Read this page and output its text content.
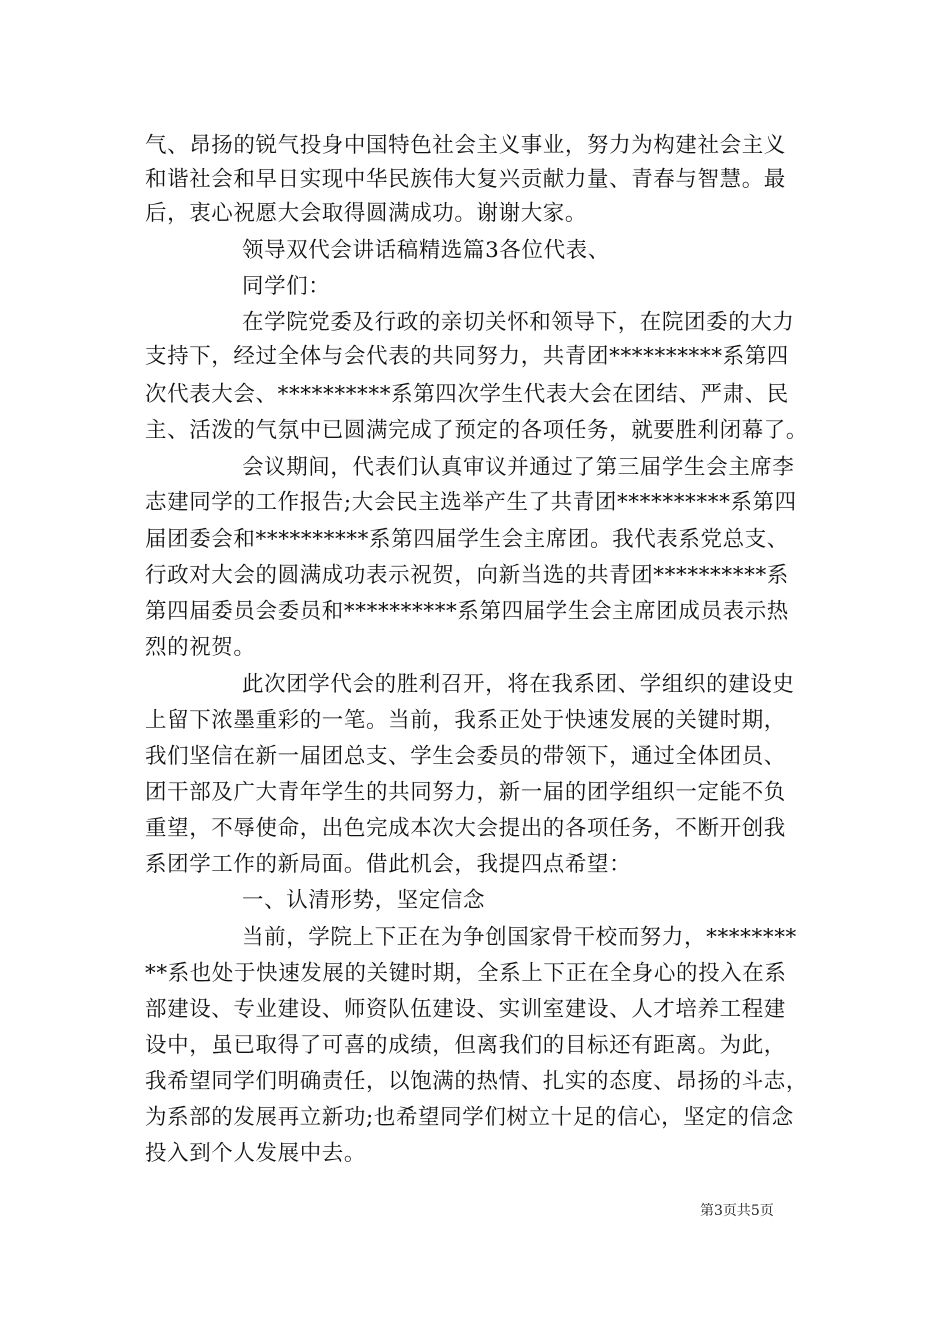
气、昂扬的锐气投身中国特色社会主义事业，努力为构建社会主义
和谐社会和早日实现中华民族伟大复兴贡献力量、青春与智慧。最
后，衷心祝愿大会取得圆满成功。谢谢大家。
领导双代会讲话稿精选篇3各位代表、
同学们：
在学院党委及行政的亲切关怀和领导下，在院团委的大力
支持下，经过全体与会代表的共同努力，共青团**********系第四
次代表大会、**********系第四次学生代表大会在团结、严肃、民
主、活泼的气氛中已圆满完成了预定的各项任务，就要胜利闭幕了。
会议期间，代表们认真审议并通过了第三届学生会主席李
志建同学的工作报告;大会民主选举产生了共青团**********系第四
届团委会和**********系第四届学生会主席团。我代表系党总支、
行政对大会的圆满成功表示祝贺，向新当选的共青团**********系
第四届委员会委员和**********系第四届学生会主席团成员表示热
烈的祝贺。
此次团学代会的胜利召开，将在我系团、学组织的建设史
上留下浓墨重彩的一笔。当前，我系正处于快速发展的关键时期，
我们坚信在新一届团总支、学生会委员的带领下，通过全体团员、
团干部及广大青年学生的共同努力，新一届的团学组织一定能不负
重望，不辱使命，出色完成本次大会提出的各项任务，不断开创我
系团学工作的新局面。借此机会，我提四点希望：
一、认清形势，坚定信念
当前，学院上下正在为争创国家骨干校而努力，********
**系也处于快速发展的关键时期，全系上下正在全身心的投入在系
部建设、专业建设、师资队伍建设、实训室建设、人才培养工程建
设中，虽已取得了可喜的成绩，但离我们的目标还有距离。为此，
我希望同学们明确责任，以饱满的热情、扎实的态度、昂扬的斗志，
为系部的发展再立新功;也希望同学们树立十足的信心，坚定的信念
投入到个人发展中去。
第3页共5页
